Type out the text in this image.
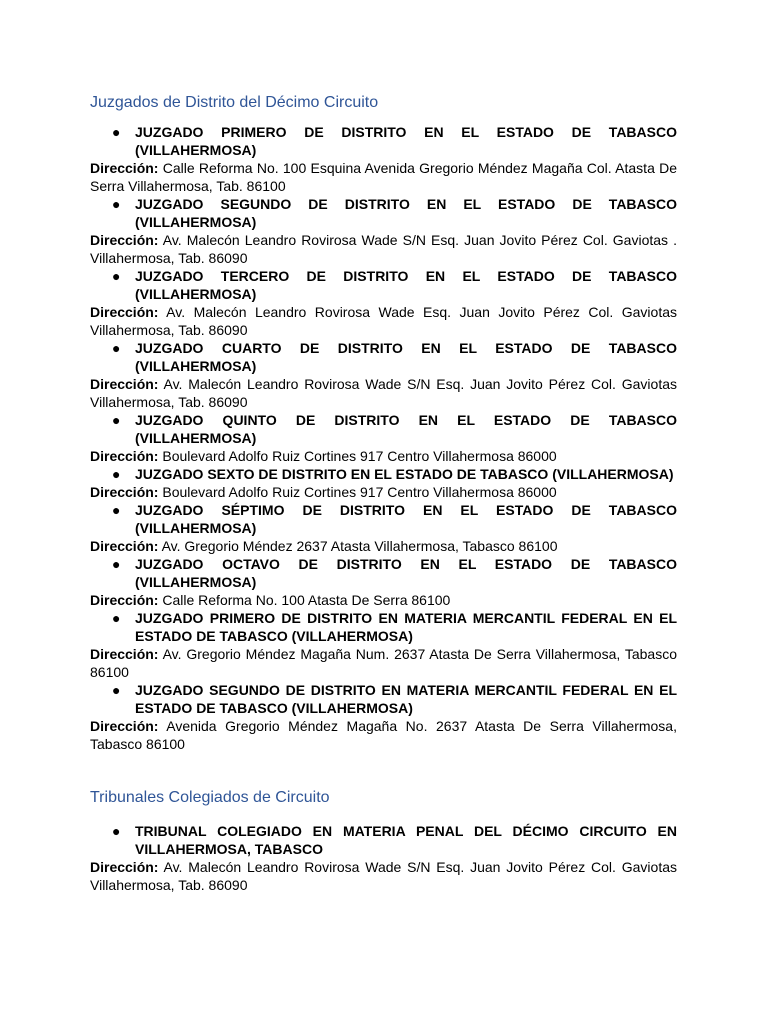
Juzgados de Distrito del Décimo Circuito
● JUZGADO PRIMERO DE DISTRITO EN EL ESTADO DE TABASCO (VILLAHERMOSA)
Dirección: Calle Reforma No. 100 Esquina Avenida Gregorio Méndez Magaña Col. Atasta De Serra Villahermosa, Tab. 86100
● JUZGADO SEGUNDO DE DISTRITO EN EL ESTADO DE TABASCO (VILLAHERMOSA)
Dirección: Av. Malecón Leandro Rovirosa Wade S/N Esq. Juan Jovito Pérez Col. Gaviotas . Villahermosa, Tab. 86090
● JUZGADO TERCERO DE DISTRITO EN EL ESTADO DE TABASCO (VILLAHERMOSA)
Dirección: Av. Malecón Leandro Rovirosa Wade Esq. Juan Jovito Pérez Col. Gaviotas Villahermosa, Tab. 86090
● JUZGADO CUARTO DE DISTRITO EN EL ESTADO DE TABASCO (VILLAHERMOSA)
Dirección: Av. Malecón Leandro Rovirosa Wade S/N Esq. Juan Jovito Pérez Col. Gaviotas Villahermosa, Tab. 86090
● JUZGADO QUINTO DE DISTRITO EN EL ESTADO DE TABASCO (VILLAHERMOSA)
Dirección: Boulevard Adolfo Ruiz Cortines 917 Centro Villahermosa 86000
● JUZGADO SEXTO DE DISTRITO EN EL ESTADO DE TABASCO (VILLAHERMOSA)
Dirección: Boulevard Adolfo Ruiz Cortines 917 Centro Villahermosa 86000
● JUZGADO SÉPTIMO DE DISTRITO EN EL ESTADO DE TABASCO (VILLAHERMOSA)
Dirección: Av. Gregorio Méndez 2637 Atasta Villahermosa, Tabasco 86100
● JUZGADO OCTAVO DE DISTRITO EN EL ESTADO DE TABASCO (VILLAHERMOSA)
Dirección: Calle Reforma No. 100 Atasta De Serra 86100
● JUZGADO PRIMERO DE DISTRITO EN MATERIA MERCANTIL FEDERAL EN EL ESTADO DE TABASCO (VILLAHERMOSA)
Dirección: Av. Gregorio Méndez Magaña Num. 2637 Atasta De Serra Villahermosa, Tabasco 86100
● JUZGADO SEGUNDO DE DISTRITO EN MATERIA MERCANTIL FEDERAL EN EL ESTADO DE TABASCO (VILLAHERMOSA)
Dirección: Avenida Gregorio Méndez Magaña No. 2637 Atasta De Serra Villahermosa, Tabasco 86100
Tribunales Colegiados de Circuito
● TRIBUNAL COLEGIADO EN MATERIA PENAL DEL DÉCIMO CIRCUITO EN VILLAHERMOSA, TABASCO
Dirección: Av. Malecón Leandro Rovirosa Wade S/N Esq. Juan Jovito Pérez Col. Gaviotas Villahermosa, Tab. 86090
